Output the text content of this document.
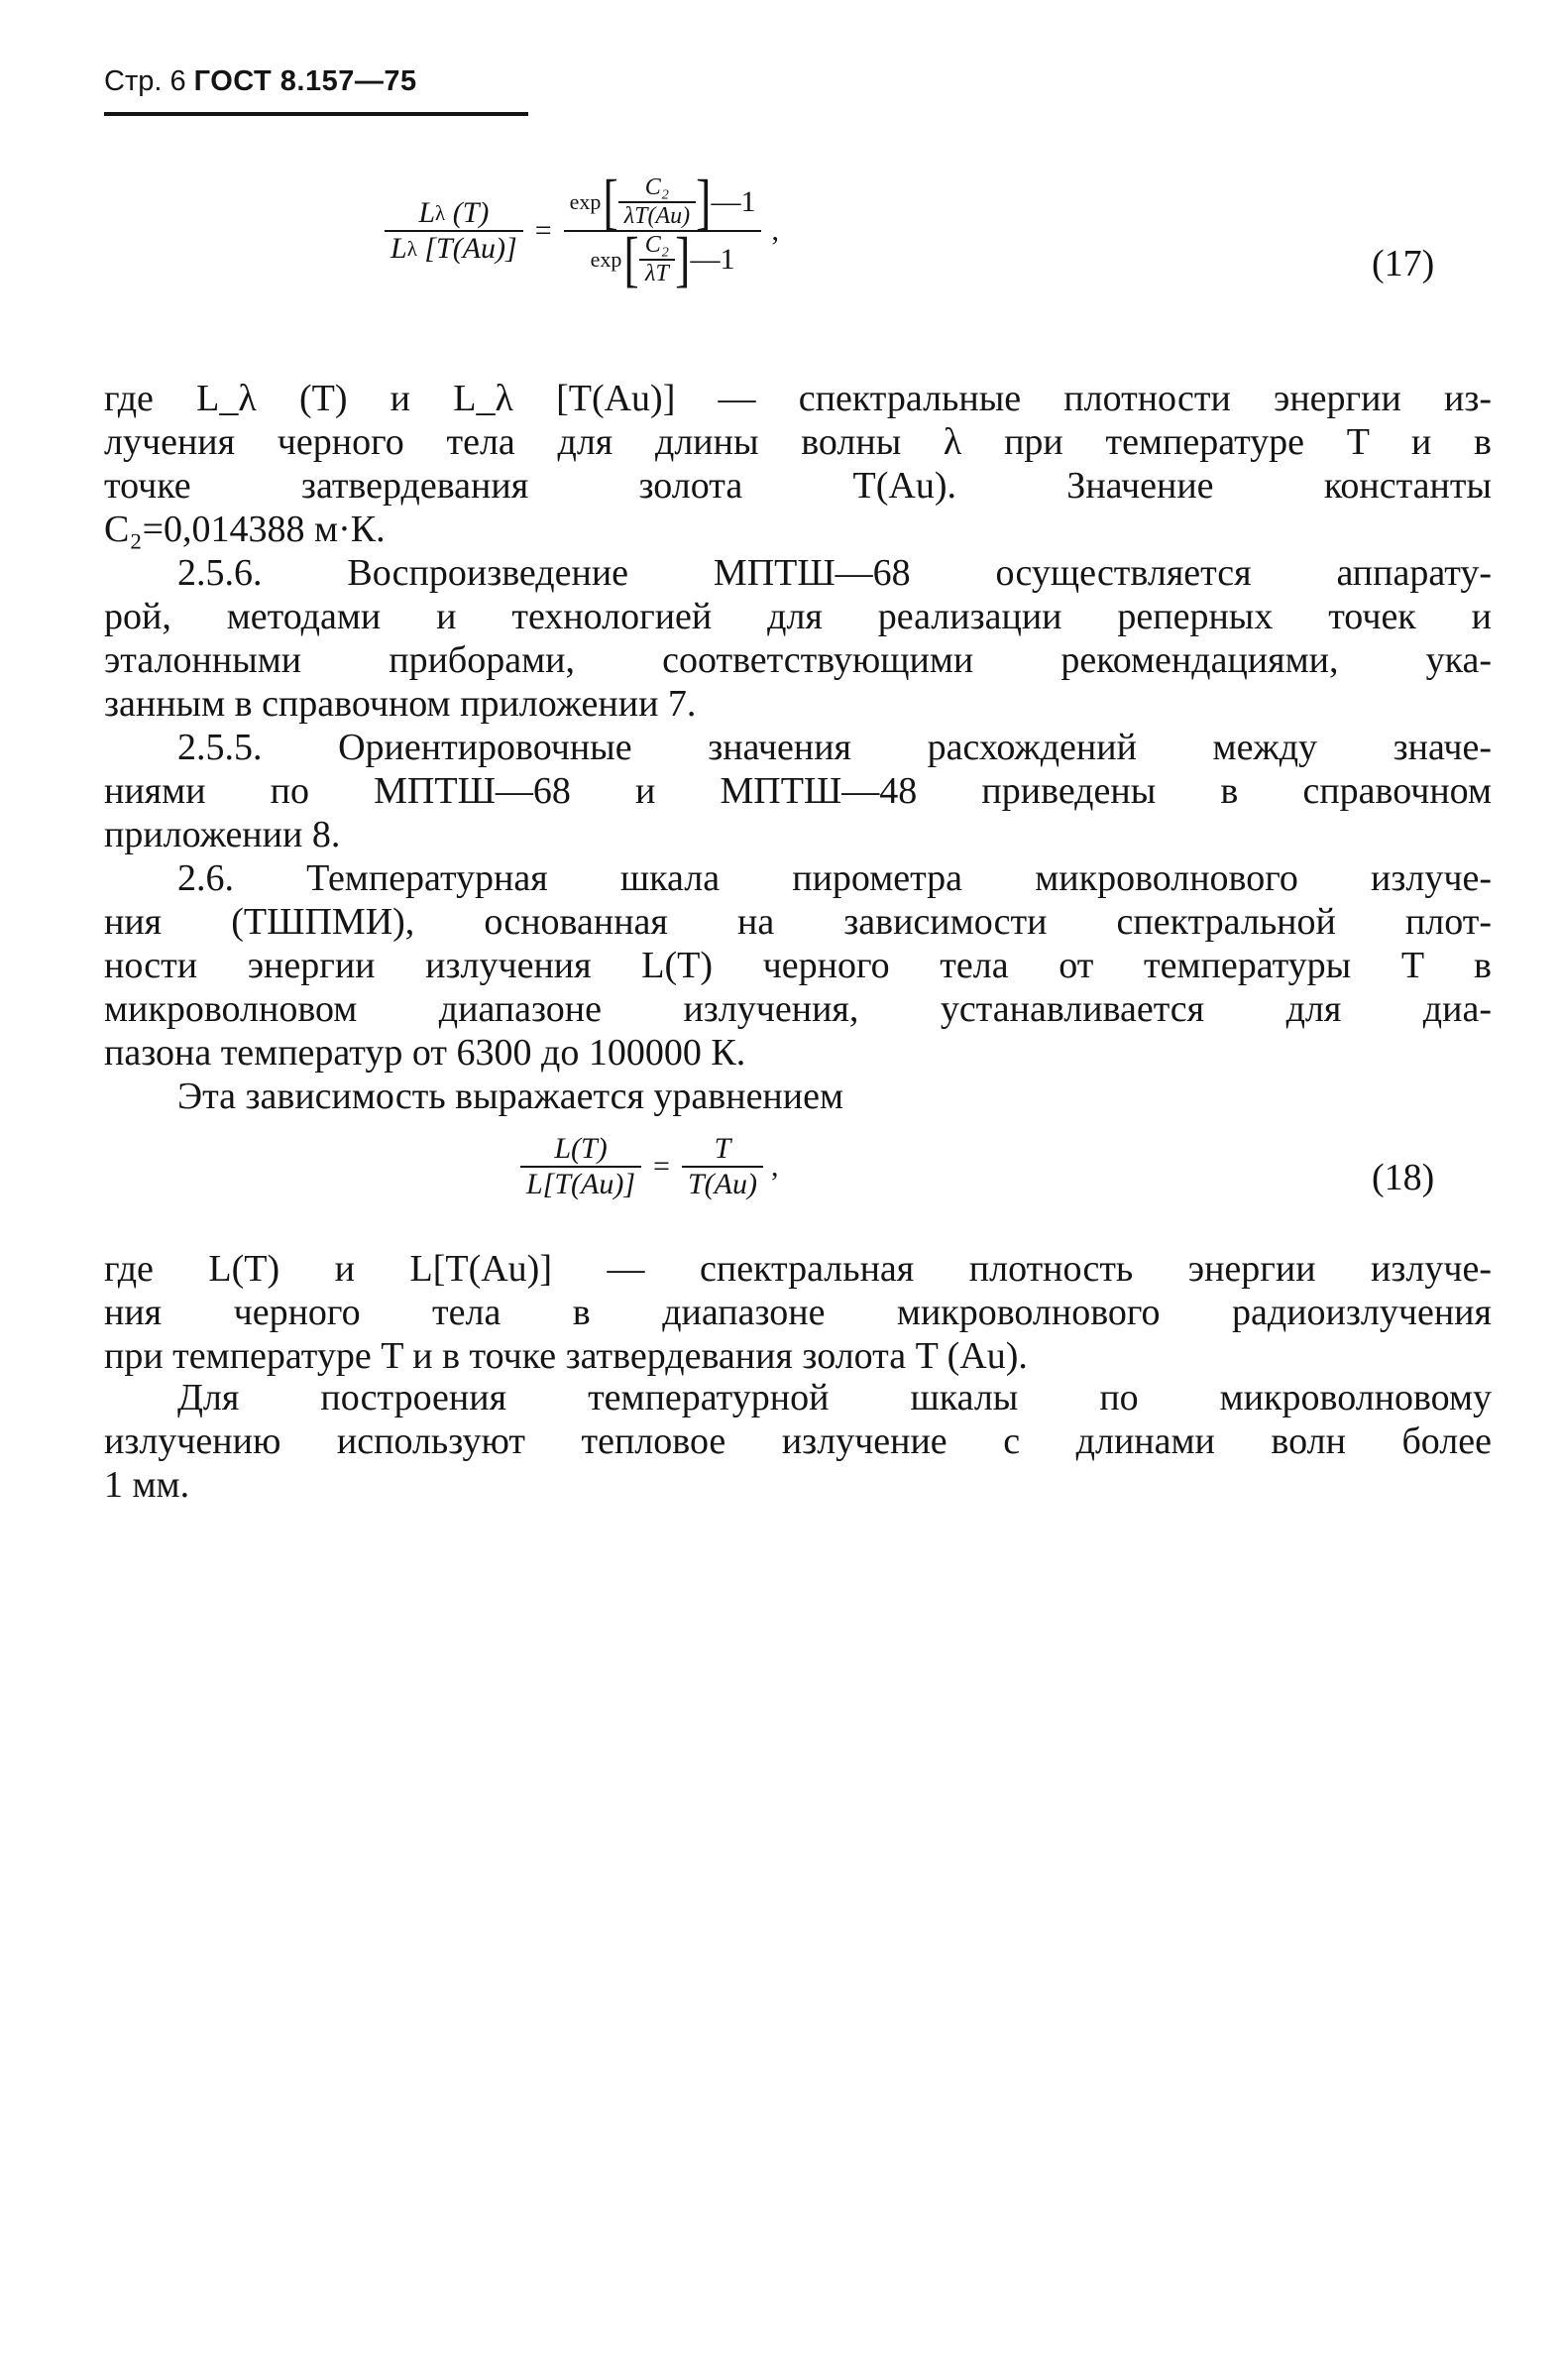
Стр. 6 ГОСТ 8.157—75
L λ
(T)
L λ
[T(Au)] =
exp [ $\frac{\text{C₂}}{\lambda T(Au)}$ ] —1
exp [ $\frac{\text{C₂}}{\lambda T}$ ] —1
,
(17)
где L_λ (T) и L_λ [T(Au)] — спектральные плотности энергии из-
лучения черного тела для длины волны λ при температуре T и в
точке затвердевания золота T(Au). Значение константы
C₂=0,014388 м·К.
2.5.6. Воспроизведение МПТШ—68 осуществляется аппарату-
рой, методами и технологией для реализации реперных точек и
эталонными приборами, соответствующими рекомендациями, ука-
занным в справочном приложении 7.
2.5.5. Ориентировочные значения расхождений между значе-
ниями по МПТШ—68 и МПТШ—48 приведены в справочном
приложении 8.
2.6. Температурная шкала пирометра микроволнового излуче-
ния (ТШПМИ), основанная на зависимости спектральной плот-
ности энергии излучения L(T) черного тела от температуры T в
микроволновом диапазоне излучения, устанавливается для диа-
пазона температур от 6300 до 100000 К.
Эта зависимость выражается уравнением
$\frac{L(T)}{L[T(Au)]} = \frac{T}{T(Au)}$ ,	(18)
где L(T) и L[T(Au)] — спектральная плотность энергии излуче-
ния черного тела в диапазоне микроволнового радиоизлучения
при температуре T и в точке затвердевания золота T (Au).
Для построения температурной шкалы по микроволновому
излучению используют тепловое излучение с длинами волн более
1 мм.
